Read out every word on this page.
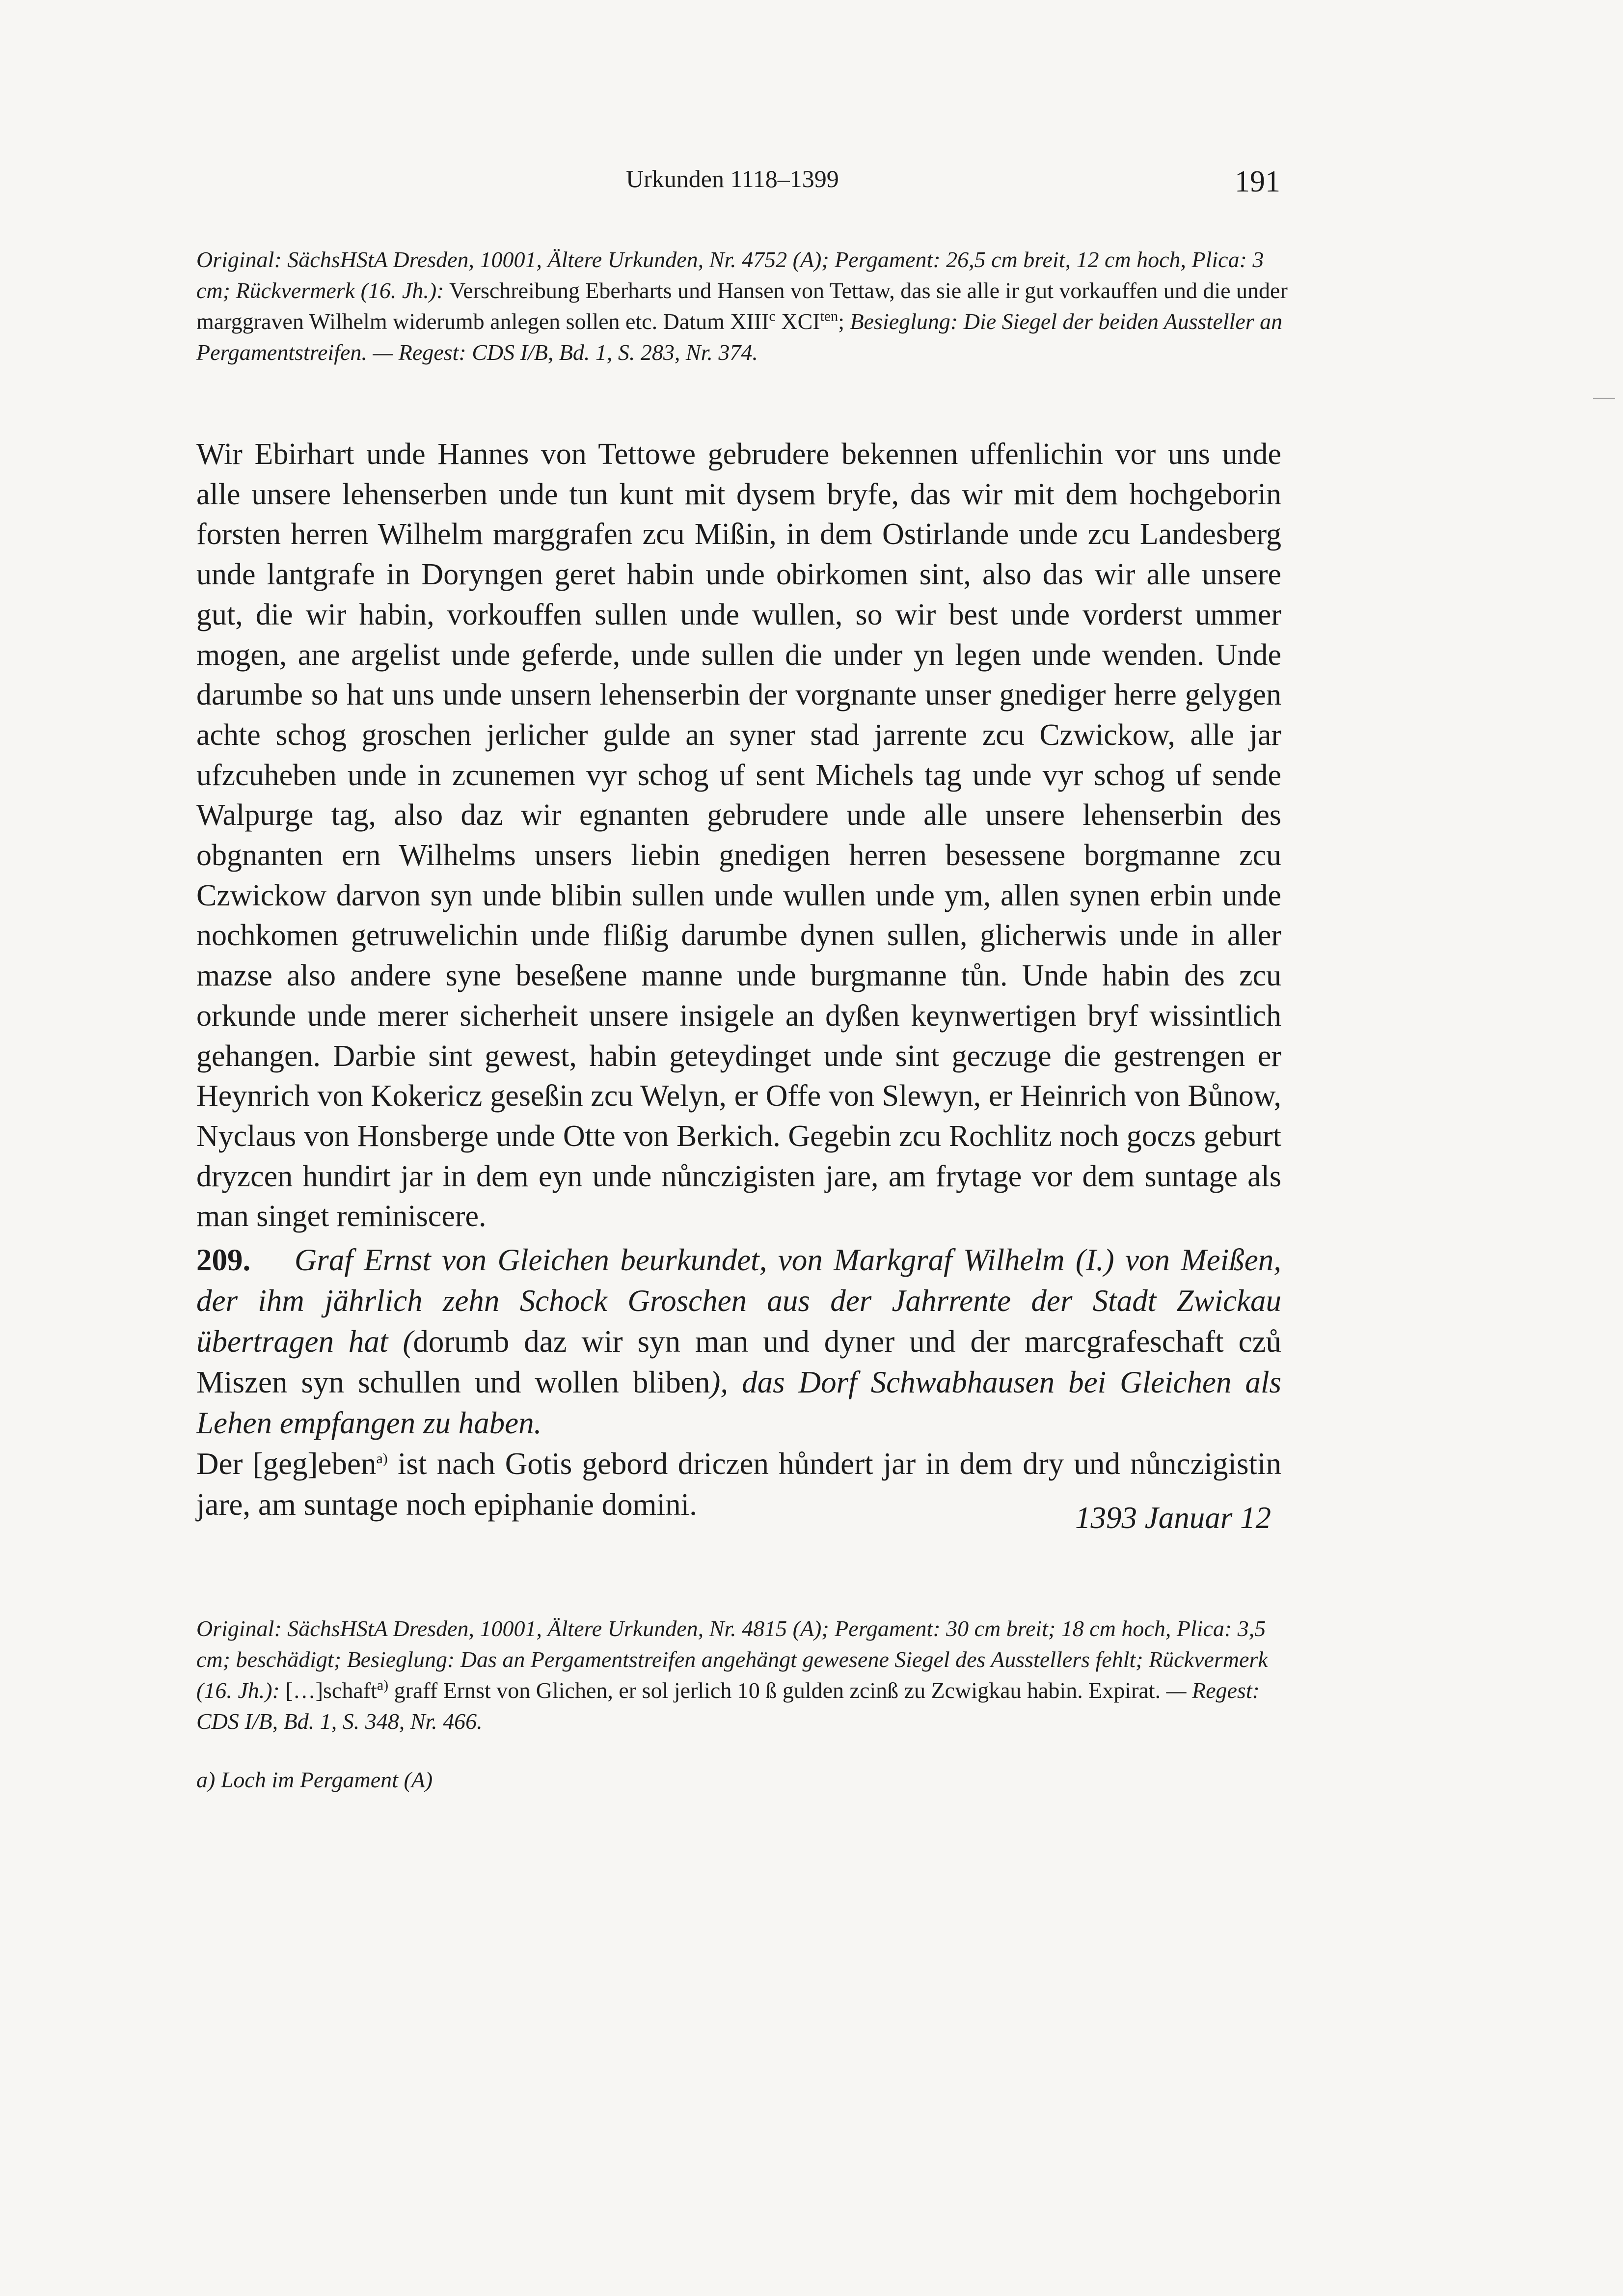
Urkunden 1118–1399	191
Original: SächsHStA Dresden, 10001, Ältere Urkunden, Nr. 4752 (A); Pergament: 26,5 cm breit, 12 cm hoch, Plica: 3 cm; Rückvermerk (16. Jh.): Verschreibung Eberharts und Hansen von Tettaw, das sie alle ir gut vorkauffen und die under marggraven Wilhelm widerumb anlegen sollen etc. Datum XIII$^c$ $XCI^{ten}$; Besieglung: Die Siegel der beiden Aussteller an Pergamentstreifen. — Regest: CDS I/B, Bd. 1, S. 283, Nr. 374.
Wir Ebirhart unde Hannes von Tettowe gebrudere bekennen uffenlichin vor uns unde alle unsere lehenserben unde tun kunt mit dysem bryfe, das wir mit dem hochgeborin forsten herren Wilhelm marggrafen zcu Mißin, in dem Ostirlande unde zcu Landesberg unde lantgrafe in Doryngen geret habin unde obirkomen sint, also das wir alle unsere gut, die wir habin, vorkouffen sullen unde wullen, so wir best unde vorderst ummer mogen, ane argelist unde geferde, unde sullen die under yn legen unde wenden. Unde darumbe so hat uns unde unsern lehenserbin der vorgnante unser gnediger herre gelygen achte schog groschen jerlicher gulde an syner stad jarrente zcu Czwickow, alle jar ufzcuheben unde in zcunemen vyr schog uf sent Michels tag unde vyr schog uf sende Walpurge tag, also daz wir egnanten gebrudere unde alle unsere lehenserbin des obgnanten ern Wilhelms unsers liebin gnedigen herren besessene borgmanne zcu Czwickow darvon syn unde blibin sullen unde wullen unde ym, allen synen erbin unde nochkomen getruwelichin unde flißig darumbe dynen sullen, glicherwis unde in aller mazse also andere syne beseßene manne unde burgmanne tůn. Unde habin des zcu orkunde unde merer sicherheit unsere insigele an dyßen keynwertigen bryf wissintlich gehangen. Darbie sint gewest, habin geteydinget unde sint geczuge die gestrengen er Heynrich von Kokericz geseßin zcu Welyn, er Offe von Slewyn, er Heinrich von Bůnow, Nyclaus von Honsberge unde Otte von Berkich. Gegebin zcu Rochlitz noch goczs geburt dryzcen hundirt jar in dem eyn unde nůnczigisten jare, am frytage vor dem suntage als man singet reminiscere.
209. Graf Ernst von Gleichen beurkundet, von Markgraf Wilhelm (I.) von Meißen, der ihm jährlich zehn Schock Groschen aus der Jahrrente der Stadt Zwickau übertragen hat (dorumb daz wir syn man und dyner und der marcgrafeschaft czů Miszen syn schullen und wollen bliben), das Dorf Schwabhausen bei Gleichen als Lehen empfangen zu haben.
Der [geg]eben$^{a)}$ ist nach Gotis gebord driczen hůndert jar in dem dry und nůnczigistin jare, am suntage noch epiphanie domini.	1393 Januar 12
Original: SächsHStA Dresden, 10001, Ältere Urkunden, Nr. 4815 (A); Pergament: 30 cm breit; 18 cm hoch, Plica: 3,5 cm; beschädigt; Besieglung: Das an Pergamentstreifen angehängt gewesene Siegel des Ausstellers fehlt; Rückvermerk (16. Jh.): […]schaft$^{a)}$ graff Ernst von Glichen, er sol jerlich 10 ß gulden zcinß zu Zcwigkau habin. Expirat. — Regest: CDS I/B, Bd. 1, S. 348, Nr. 466.
a) Loch im Pergament (A)
